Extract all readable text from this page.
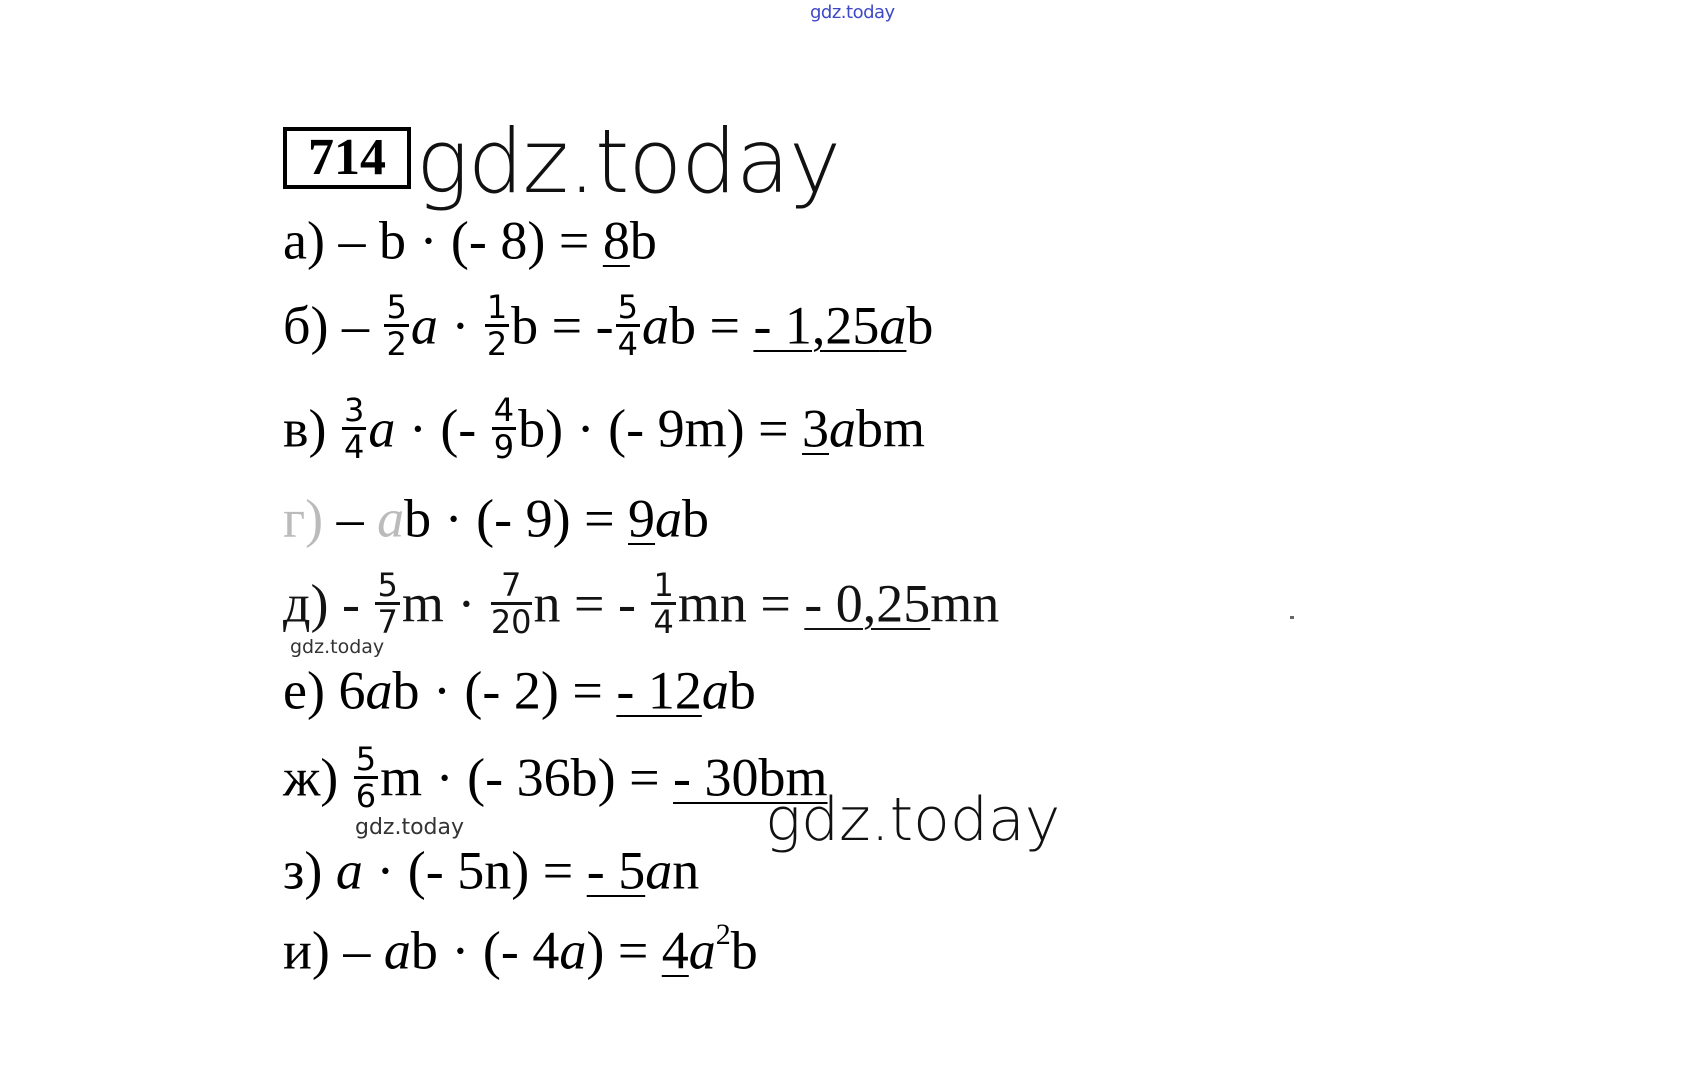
gdz.today
714 gdz.today
а) – b · (- 8) = 8b
$б) - \frac{5}{2}$ $a \cdot \frac{1}{2}$ b = - $\frac{5}{4}$ ab = - 1,25ab
$в) \frac{3}{4}$ a · (- $\frac{4}{9} b$) · (- 9m) = 3abm
г) – ab · (- 9) = 9ab
$д) - \frac{5}{7}$ $m \cdot \frac{7}{20}$ n = - $\frac{1}{4}$ mn = - 0,25mn
gdz.today
е) 6ab · (- 2) = - 12ab
$ж) \frac{5}{6}$ m · (- 36b) = - 30bm
gdz.today
gdz.today
з) a · (- 5n) = - 5an
и) – ab · (- $4a) = 4a^2b$
